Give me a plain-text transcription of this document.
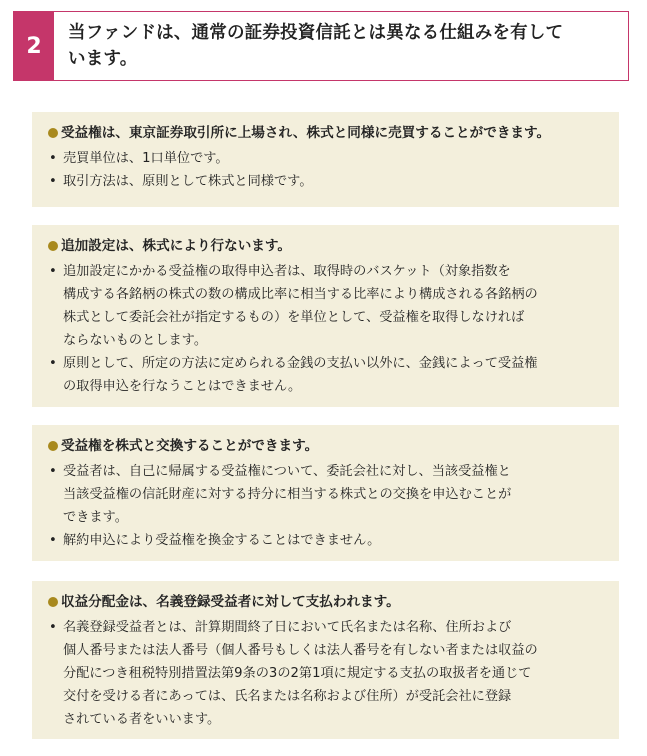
2
当ファンドは、通常の証券投資信託とは異なる仕組みを有して
います。
受益権は、東京証券取引所に上場され、株式と同様に売買することができます。
• 売買単位は、1口単位です。
• 取引方法は、原則として株式と同様です。
追加設定は、株式により行ないます。
• 追加設定にかかる受益権の取得申込者は、取得時のバスケット（対象指数を
構成する各銘柄の株式の数の構成比率に相当する比率により構成される各銘柄の
株式として委託会社が指定するもの）を単位として、受益権を取得しなければ
ならないものとします。
• 原則として、所定の方法に定められる金銭の支払い以外に、金銭によって受益権
の取得申込を行なうことはできません。
受益権を株式と交換することができます。
• 受益者は、自己に帰属する受益権について、委託会社に対し、当該受益権と
当該受益権の信託財産に対する持分に相当する株式との交換を申込むことが
できます。
• 解約申込により受益権を換金することはできません。
収益分配金は、名義登録受益者に対して支払われます。
• 名義登録受益者とは、計算期間終了日において氏名または名称、住所および
個人番号または法人番号（個人番号もしくは法人番号を有しない者または収益の
分配につき租税特別措置法第9条の3の2第1項に規定する支払の取扱者を通じて
交付を受ける者にあっては、氏名または名称および住所）が受託会社に登録
されている者をいいます。
